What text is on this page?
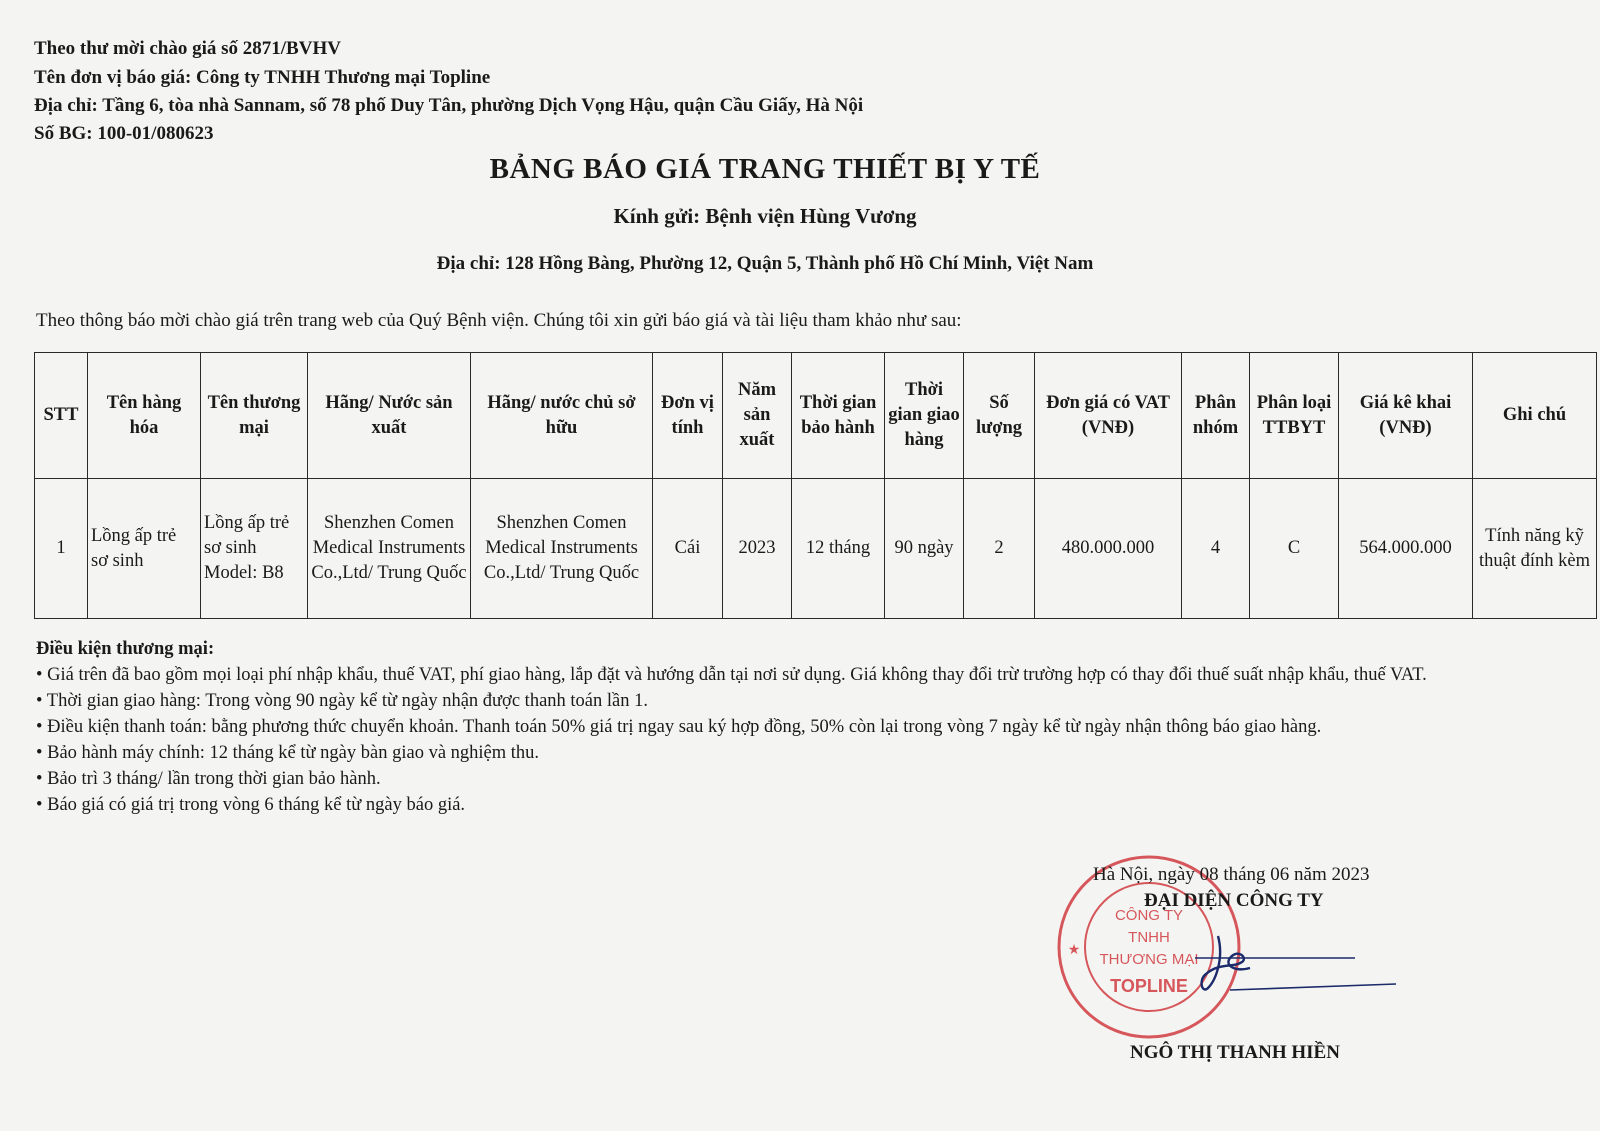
Theo thư mời chào giá số 2871/BVHV
Tên đơn vị báo giá: Công ty TNHH Thương mại Topline
Địa chỉ: Tầng 6, tòa nhà Sannam, số 78 phố Duy Tân, phường Dịch Vọng Hậu, quận Cầu Giấy, Hà Nội
Số BG: 100-01/080623
BẢNG BÁO GIÁ TRANG THIẾT BỊ Y TẾ
Kính gửi: Bệnh viện Hùng Vương
Địa chỉ: 128 Hồng Bàng, Phường 12, Quận 5, Thành phố Hồ Chí Minh, Việt Nam
Theo thông báo mời chào giá trên trang web của Quý Bệnh viện. Chúng tôi xin gửi báo giá và tài liệu tham khảo như sau:
STT	Tên hàng hóa	Tên thương mại	Hãng/ Nước sản xuất	Hãng/ nước chủ sở hữu	Đơn vị tính	Năm sản xuất	Thời gian bảo hành	Thời gian giao hàng	Số lượng	Đơn giá có VAT (VNĐ)	Phân nhóm	Phân loại TTBYT	Giá kê khai (VNĐ)	Ghi chú
1	Lồng ấp trẻ sơ sinh	Lồng ấp trẻ sơ sinh Model: B8	Shenzhen Comen Medical Instruments Co.,Ltd/ Trung Quốc	Shenzhen Comen Medical Instruments Co.,Ltd/ Trung Quốc	Cái	2023	12 tháng	90 ngày	2	480.000.000	4	C	564.000.000	Tính năng kỹ thuật đính kèm
Điều kiện thương mại:
• Giá trên đã bao gồm mọi loại phí nhập khẩu, thuế VAT, phí giao hàng, lắp đặt và hướng dẫn tại nơi sử dụng. Giá không thay đổi trừ trường hợp có thay đổi thuế suất nhập khẩu, thuế VAT.
• Thời gian giao hàng: Trong vòng 90 ngày kể từ ngày nhận được thanh toán lần 1.
• Điều kiện thanh toán: bằng phương thức chuyển khoản. Thanh toán 50% giá trị ngay sau ký hợp đồng, 50% còn lại trong vòng 7 ngày kể từ ngày nhận thông báo giao hàng.
• Bảo hành máy chính: 12 tháng kể từ ngày bàn giao và nghiệm thu.
• Bảo trì 3 tháng/ lần trong thời gian bảo hành.
• Báo giá có giá trị trong vòng 6 tháng kể từ ngày báo giá.
CÔNG TY
TNHH
THƯƠNG MẠI
TOPLINE
★
Hà Nội, ngày 08 tháng 06 năm 2023
ĐẠI DIỆN CÔNG TY
NGÔ THỊ THANH HIỀN
